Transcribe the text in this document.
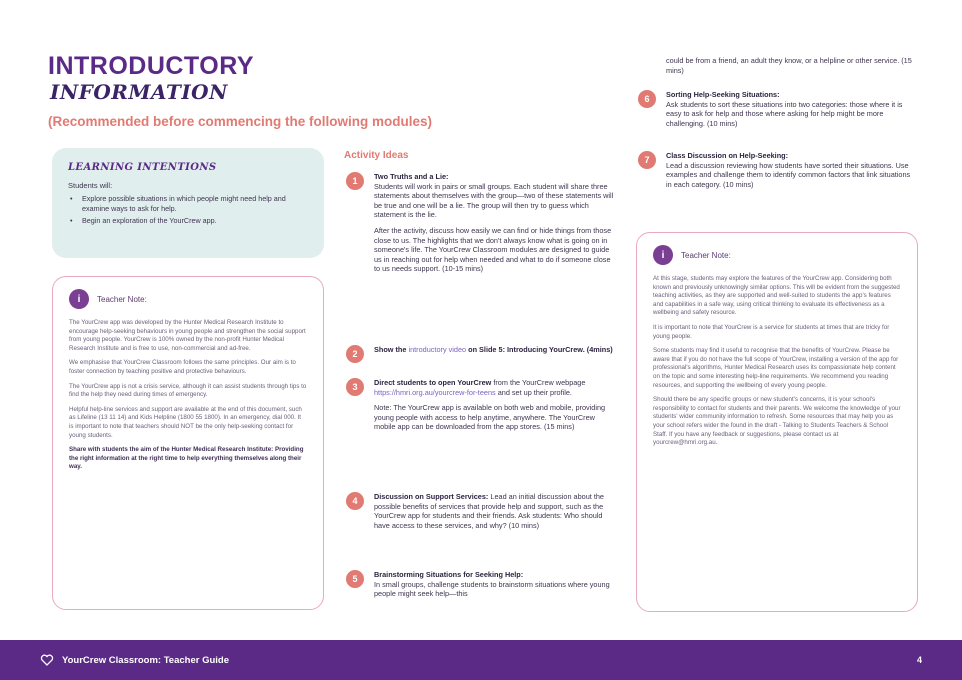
INTRODUCTORY
INFORMATION
(Recommended before commencing the following modules)
LEARNING INTENTIONS
Students will:
• Explore possible situations in which people might need help and examine ways to ask for help.
• Begin an exploration of the YourCrew app.
i	Teacher Note:

The YourCrew app was developed by the Hunter Medical Research Institute to encourage help-seeking behaviours in young people and strengthen the social support from young people. YourCrew is 100% owned by the non-profit Hunter Medical Research Institute and is free to use, non-commercial and ad-free.

We emphasise that YourCrew Classroom follows the same principles. Our aim is to foster connection by teaching positive and protective behaviours.

The YourCrew app is not a crisis service, although it can assist students through tips to find the help they need during times of emergency.

Helpful help-line services and support are available at the end of this document, such as Lifeline (13 11 14) and Kids Helpline (1800 55 1800). In an emergency, dial 000. It is important to note that teachers should NOT be the only help-seeking contact for young students.

Share with students the aim of the Hunter Medical Research Institute: Providing the right information at the right time to help everything themselves along their way.

Activity Ideas
1	Two Truths and a Lie:
Students will work in pairs or small groups. Each student will share three statements about themselves with the group—two of these statements will be true and one will be a lie. The group will then try to guess which statement is the lie.

After the activity, discuss how easily we can find or hide things from those close to us. The highlights that we don't always know what is going on in someone's life. The YourCrew Classroom modules are designed to guide us in reaching out for help when needed and what to do if someone close to us needs support. (10-15 mins)

2	Show the introductory video on Slide 5: Introducing YourCrew. (4mins)

3	Direct students to open YourCrew from the YourCrew webpage https://hmri.org.au/yourcrew-for-teens and set up their profile.

Note: The YourCrew app is available on both web and mobile, providing young people with access to help anytime, anywhere. The YourCrew mobile app can be downloaded from the app stores. (15 mins)

4	Discussion on Support Services: Lead an initial discussion about the possible benefits of services that provide help and support, such as the YourCrew app for students and their friends. Ask students: Who should have access to these services, and why? (10 mins)

5	Brainstorming Situations for Seeking Help:
In small groups, challenge students to brainstorm situations where young people might seek help—this

could be from a friend, an adult they know, or a helpline or other service. (15 mins)
6	Sorting Help-Seeking Situations:
Ask students to sort these situations into two categories: those where it is easy to ask for help and those where asking for help might be more challenging. (10 mins)

7	Class Discussion on Help-Seeking:
Lead a discussion reviewing how students have sorted their situations. Use examples and challenge them to identify common factors that link situations in each category. (10 mins)

i	Teacher Note:

At this stage, students may explore the features of the YourCrew app. Considering both known and previously unknowingly similar options. This will be evident from the suggested teaching activities, as they are supported and well-suited to students the app's features and capabilities in a safe way, using critical thinking to evaluate its effectiveness as a wellbeing and safety resource.

It is important to note that YourCrew is a service for students at times that are tricky for young people.

Some students may find it useful to recognise that the benefits of YourCrew. Please be aware that if you do not have the full scope of YourCrew, installing a version of the app for professional's algorithms, Hunter Medical Research uses its compassionate help content on the topic and some interesting help-line requirements. We recommend you reading resources, and supporting the wellbeing of every young people.

Should there be any specific groups or new student's concerns, it is your school's responsibility to contact for students and their parents. We welcome the knowledge of your students' wider community information to refresh. Some resources that may help you as your school refers wider the found in the draft - Talking to Students Teachers & School Staff. If you have any feedback or suggestions, please contact us at yourcrew@hmri.org.au.

YourCrew Classroom: Teacher Guide	4
